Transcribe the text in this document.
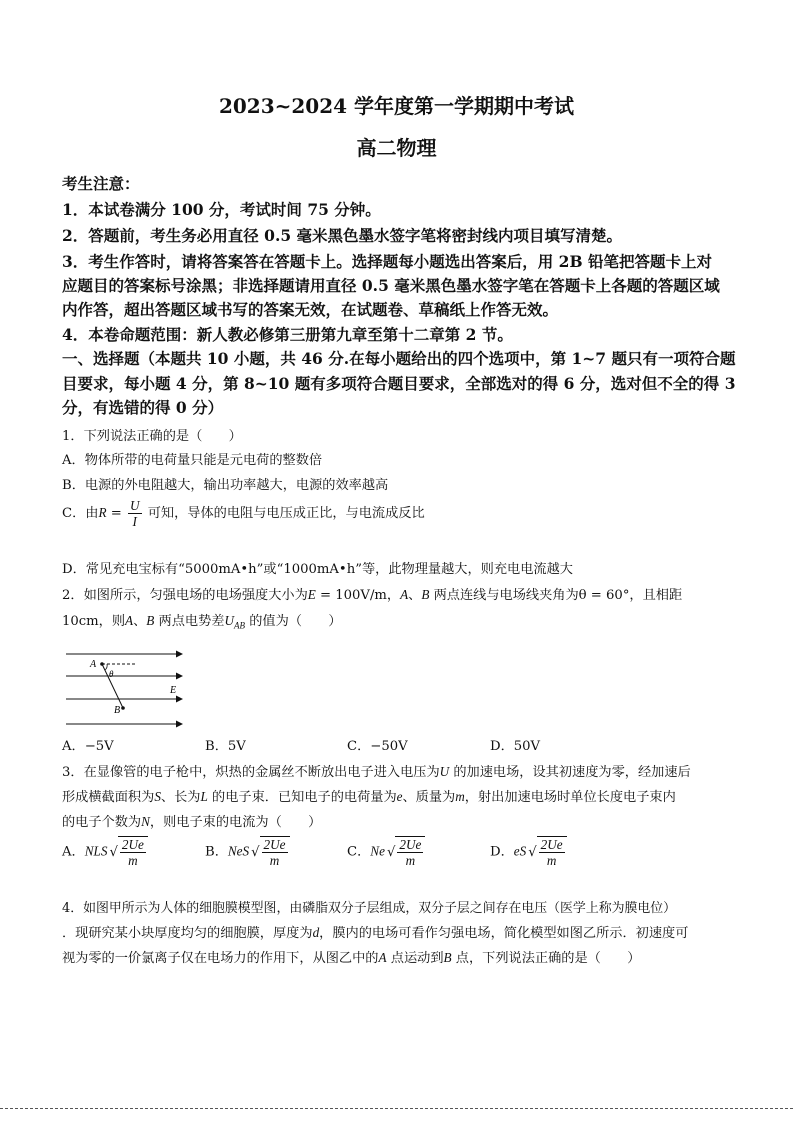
2023~2024 学年度第一学期期中考试
高二物理
考生注意：
1．本试卷满分 100 分，考试时间 75 分钟。
2．答题前，考生务必用直径 0.5 毫米黑色墨水签字笔将密封线内项目填写清楚。
3．考生作答时，请将答案答在答题卡上。选择题每小题选出答案后，用 2B 铅笔把答题卡上对
应题目的答案标号涂黑；非选择题请用直径 0.5 毫米黑色墨水签字笔在答题卡上各题的答题区域
内作答，超出答题区域书写的答案无效，在试题卷、草稿纸上作答无效。
4．本卷命题范围：新人教必修第三册第九章至第十二章第 2 节。
一、选择题（本题共 10 小题，共 46 分.在每小题给出的四个选项中，第 1~7 题只有一项符合题
目要求，每小题 4 分，第 8~10 题有多项符合题目要求，全部选对的得 6 分，选对但不全的得 3
分，有选错的得 0 分）
1．下列说法正确的是（　　）
A．物体所带的电荷量只能是元电荷的整数倍
B．电源的外电阻越大，输出功率越大，电源的效率越高
C．由$R = \frac{U}{I}$ 可知，导体的电阻与电压成正比，与电流成反比
D．常见充电宝标有“5000mA•h”或“1000mA•h”等，此物理量越大，则充电电流越大
2．如图所示，匀强电场的电场强度大小为E = 100V/m，A、B 两点连线与电场线夹角为θ = 60°，且相距
10cm，则A、B 两点电势差$U_{AB}$ 的值为（　　）
A
B
θ
E
A．−5V	B．5V	C．−50V	D．50V
3．在显像管的电子枪中，炽热的金属丝不断放出电子进入电压为U 的加速电场，设其初速度为零，经加速后
形成横截面积为S、长为L 的电子束．已知电子的电荷量为e、质量为m，射出加速电场时单位长度电子束内
的电子个数为N，则电子束的电流为（　　）
A．NLS √ $\frac{2Ue}{m}$	B．NeS √ $\frac{2Ue}{m}$	C．Ne √ $\frac{2Ue}{m}$	D．eS √ $\frac{2Ue}{m}$
4．如图甲所示为人体的细胞膜模型图，由磷脂双分子层组成，双分子层之间存在电压（医学上称为膜电位）
．现研究某小块厚度均匀的细胞膜，厚度为d，膜内的电场可看作匀强电场，简化模型如图乙所示．初速度可
视为零的一价氯离子仅在电场力的作用下，从图乙中的A 点运动到B 点，下列说法正确的是（　　）
